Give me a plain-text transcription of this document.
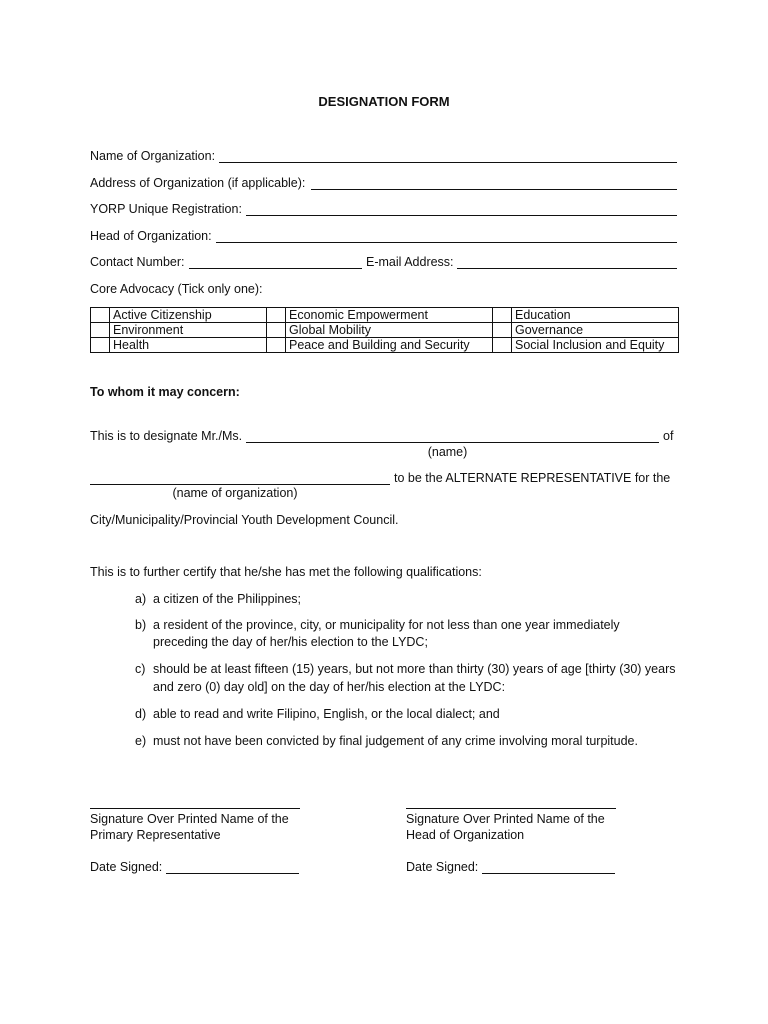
DESIGNATION FORM
Name of Organization:
Address of Organization (if applicable):
YORP Unique Registration:
Head of Organization:
Contact Number:	E-mail Address:
Core Advocacy (Tick only one):
	Active Citizenship		Economic Empowerment		Education
	Environment		Global Mobility		Governance
	Health		Peace and Building and Security		Social Inclusion and Equity
To whom it may concern:
This is to designate Mr./Ms.	of
(name)
to be the ALTERNATE REPRESENTATIVE for the
(name of organization)
City/Municipality/Provincial Youth Development Council.
This is to further certify that he/she has met the following qualifications:
a) a citizen of the Philippines;
b) a resident of the province, city, or municipality for not less than one year immediately
preceding the day of her/his election to the LYDC;
c) should be at least fifteen (15) years, but not more than thirty (30) years of age [thirty (30) years
and zero (0) day old] on the day of her/his election at the LYDC:
d) able to read and write Filipino, English, or the local dialect; and
e) must not have been convicted by final judgement of any crime involving moral turpitude.
Signature Over Printed Name of the
Primary Representative
Signature Over Printed Name of the
Head of Organization
Date Signed:	Date Signed:
